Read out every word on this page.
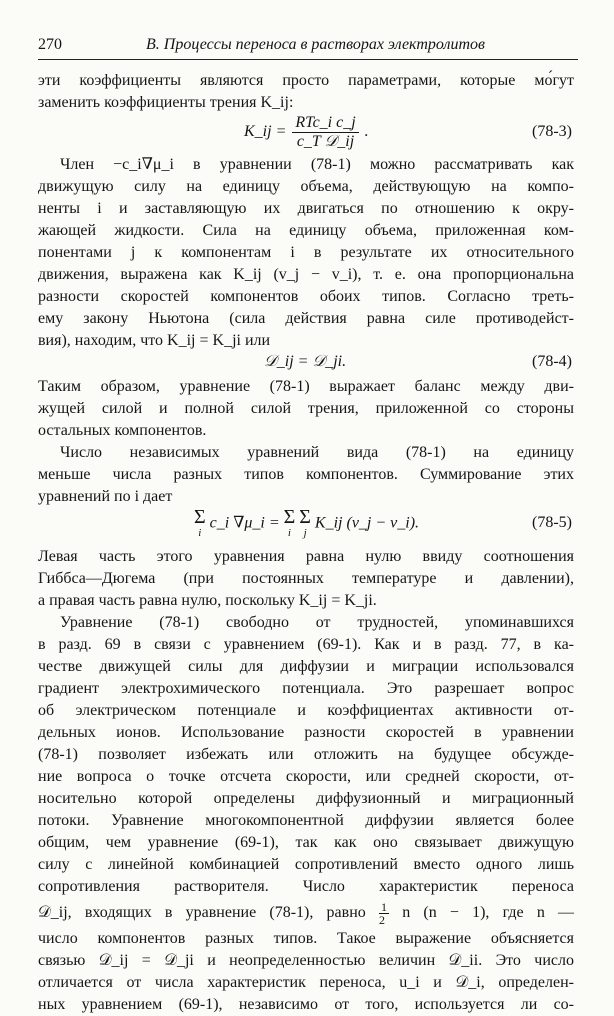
270	В. Процессы переноса в растворах электролитов
эти коэффициенты являются просто параметрами, которые мо́гут
заменить коэффициенты трения K_ij:
K_ij = $\frac{\text{RTc\_i c\_j}}{\text{c\_T 𝒟\_ij}}$ .	(78-3)
Член −c_i∇μ_i в уравнении (78-1) можно рассматривать как
движущую силу на единицу объема, действующую на компо-
ненты i и заставляющую их двигаться по отношению к окру-
жающей жидкости. Сила на единицу объема, приложенная ком-
понентами j к компонентам i в результате их относительного
движения, выражена как K_ij (v_j − v_i), т. е. она пропорциональна
разности скоростей компонентов обоих типов. Согласно треть-
ему закону Ньютона (сила действия равна силе противодейст-
вия), находим, что K_ij = K_ji или
𝒟_ij = 𝒟_ji.	(78-4)
Таким образом, уравнение (78-1) выражает баланс между дви-
жущей силой и полной силой трения, приложенной со стороны
остальных компонентов.
Число независимых уравнений вида (78-1) на единицу
меньше числа разных типов компонентов. Суммирование этих
уравнений по i дает
Σ
i
c_i ∇μ_i = Σ
i

Σ
j
K_ij (v_j − v_i).	(78-5)
Левая часть этого уравнения равна нулю ввиду соотношения
Гиббса—Дюгема (при постоянных температуре и давлении),
а правая часть равна нулю, поскольку K_ij = K_ji.
Уравнение (78-1) свободно от трудностей, упоминавшихся
в разд. 69 в связи с уравнением (69-1). Как и в разд. 77, в ка-
честве движущей силы для диффузии и миграции использовался
градиент электрохимического потенциала. Это разрешает вопрос
об электрическом потенциале и коэффициентах активности от-
дельных ионов. Использование разности скоростей в уравнении
(78-1) позволяет избежать или отложить на будущее обсужде-
ние вопроса о точке отсчета скорости, или средней скорости, от-
носительно которой определены диффузионный и миграционный
потоки. Уравнение многокомпонентной диффузии является более
общим, чем уравнение (69-1), так как оно связывает движущую
силу с линейной комбинацией сопротивлений вместо одного лишь
сопротивления растворителя. Число характеристик переноса
𝒟_ij, входящих в уравнение (78-1), равно $\frac{1}{2}$ n (n − 1), где n —
число компонентов разных типов. Такое выражение объясняется
связью 𝒟_ij = 𝒟_ji и неопределенностью величин 𝒟_ii. Это число
отличается от числа характеристик переноса, u_i и 𝒟_i, определен-
ных уравнением (69-1), независимо от того, используется ли со-
